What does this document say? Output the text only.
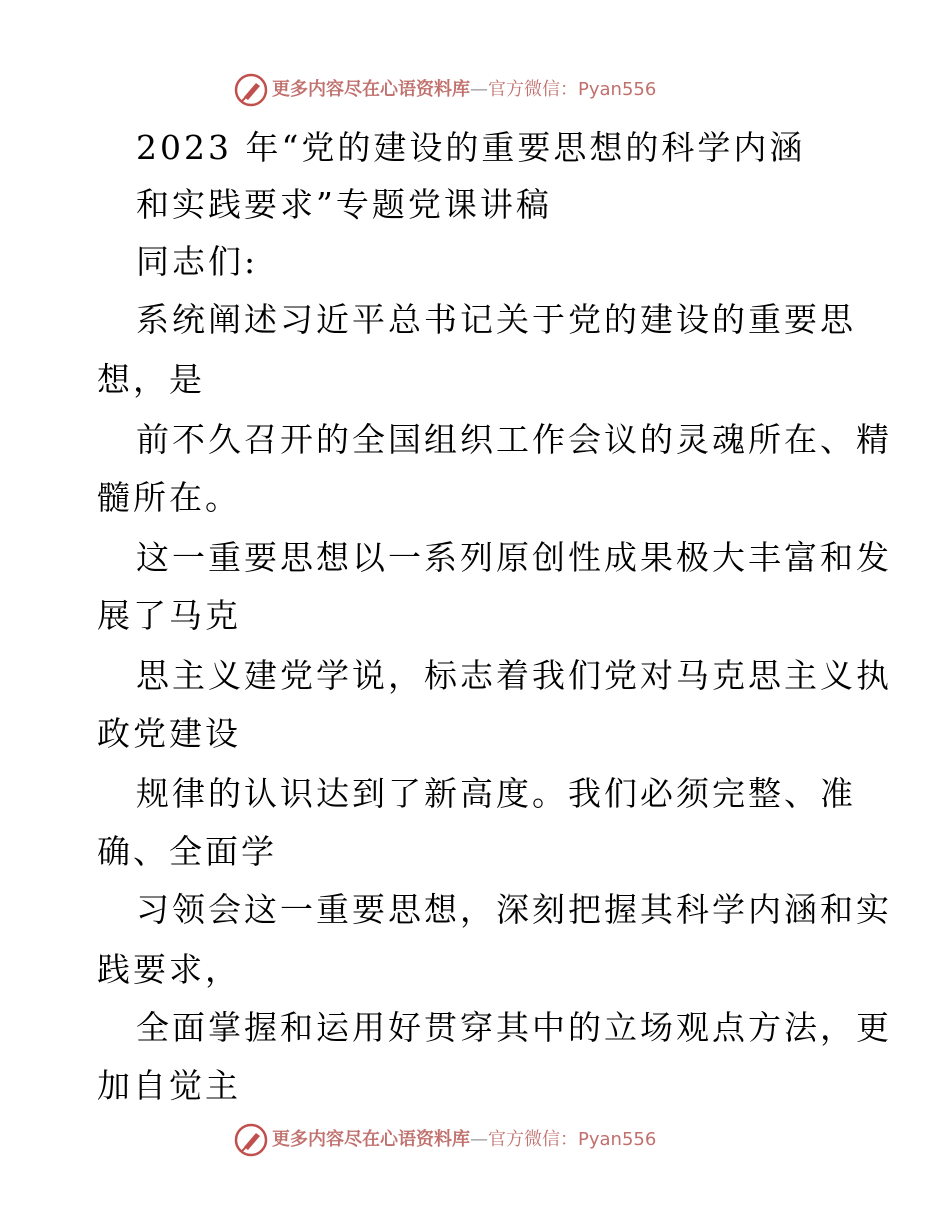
更多内容尽在心语资料库—官方微信：Pyan556
2023 年“党的建设的重要思想的科学内涵
和实践要求”专题党课讲稿
同志们:
系统阐述习近平总书记关于党的建设的重要思
想，是
前不久召开的全国组织工作会议的灵魂所在、精
髓所在。
这一重要思想以一系列原创性成果极大丰富和发
展了马克
思主义建党学说，标志着我们党对马克思主义执
政党建设
规律的认识达到了新高度。我们必须完整、准
确、全面学
习领会这一重要思想，深刻把握其科学内涵和实
践要求，
全面掌握和运用好贯穿其中的立场观点方法，更
加自觉主
更多内容尽在心语资料库—官方微信：Pyan556
